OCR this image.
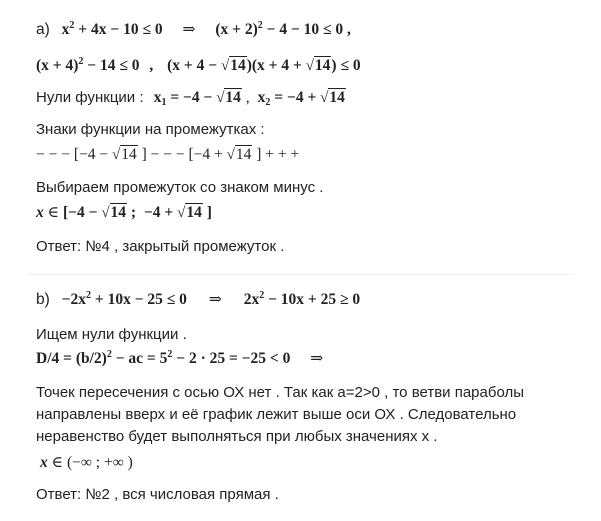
a) $x^2 + 4x - 10 \le 0$ ⇒ $(x + 2)^2 - 4 - 10 \le 0$ ,
$(x + 4)^2 - 14 \le 0$ , (x + 4 − √ 14)(x + 4 + √ 14) ≤ 0
Нули функции : $x_1 = -4$ − √ 14 , $x_2 = -4$ + √ 14
Знаки функции на промежутках :
− − − [−4 − √ 14 ] − − − [−4 + √ 14 ] + + +
Выбираем промежуток со знаком минус .
x ∈ [−4 − √ 14 ; −4 + √ 14 ]
Ответ: №4 , закрытый промежуток .
$b) -2x^2 + 10x - 25 \le 0$ ⇒ $2x^2 - 10x + 25 \ge 0$
Ищем нули функции .
$D/4 = (b/2)^2$ − ac = $5^2 - 2 \cdot 25 = -25 < 0$ ⇒
Точек пересечения с осью ОХ нет . Так как a=2>0 , то ветви параболы
направлены вверх и её график лежит выше оси ОХ . Следовательно
неравенство будет выполняться при любых значениях x .
x ∈ (−∞ ; +∞ )
Ответ: №2 , вся числовая прямая .
